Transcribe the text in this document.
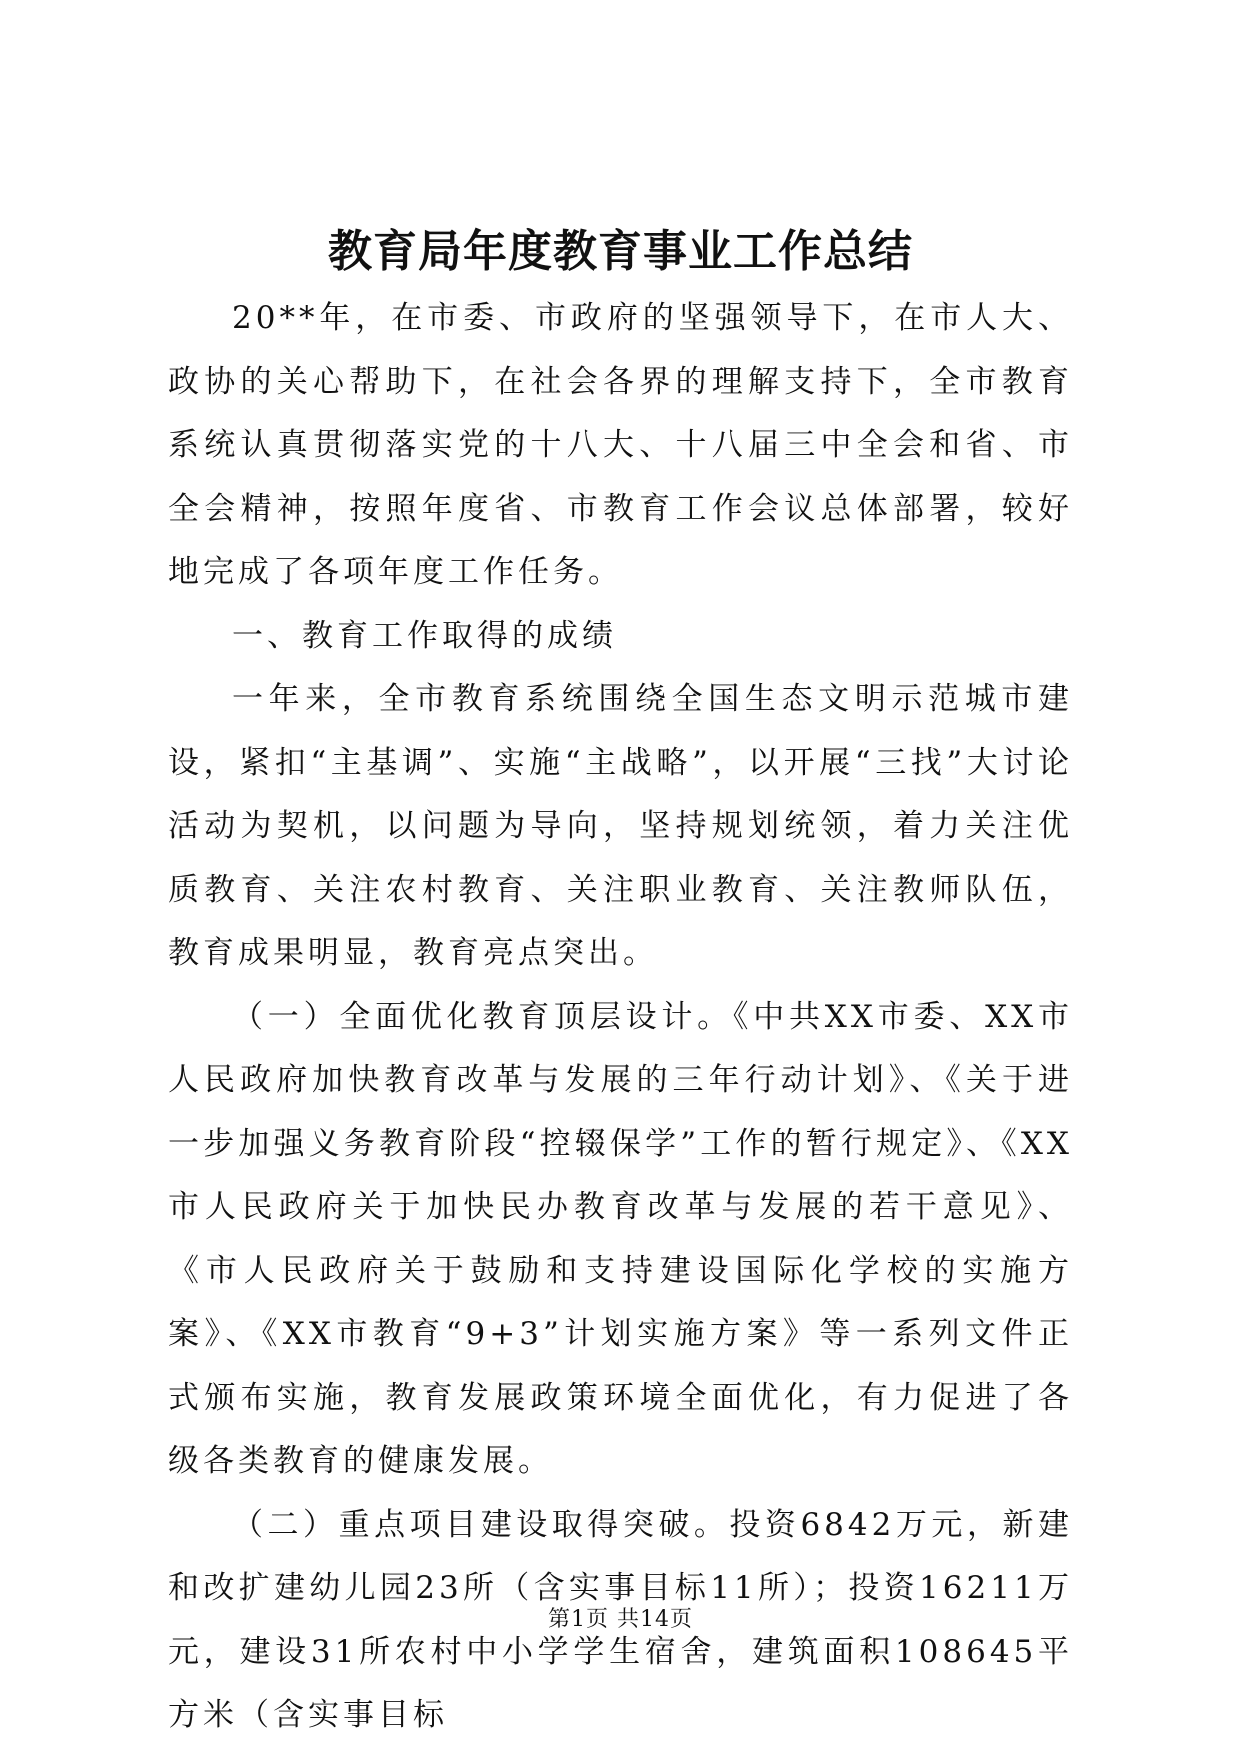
教育局年度教育事业工作总结

20**年，在市委、市政府的坚强领导下，在市人大、政协的关心帮助下，在社会各界的理解支持下，全市教育系统认真贯彻落实党的十八大、十八届三中全会和省、市全会精神，按照年度省、市教育工作会议总体部署，较好地完成了各项年度工作任务。

一、教育工作取得的成绩

一年来，全市教育系统围绕全国生态文明示范城市建设，紧扣“主基调”、实施“主战略”，以开展“三找”大讨论活动为契机，以问题为导向，坚持规划统领，着力关注优质教育、关注农村教育、关注职业教育、关注教师队伍，教育成果明显，教育亮点突出。

（一）全面优化教育顶层设计。《中共XX市委、XX市人民政府加快教育改革与发展的三年行动计划》、《关于进一步加强义务教育阶段“控辍保学”工作的暂行规定》、《XX市人民政府关于加快民办教育改革与发展的若干意见》、《市人民政府关于鼓励和支持建设国际化学校的实施方案》、《XX市教育“9+3”计划实施方案》等一系列文件正式颁布实施，教育发展政策环境全面优化，有力促进了各级各类教育的健康发展。

（二）重点项目建设取得突破。投资6842万元，新建和改扩建幼儿园23所（含实事目标11所）；投资16211万元，建设31所农村中小学学生宿舍，建筑面积108645平方米（含实事目标

第1页 共14页
